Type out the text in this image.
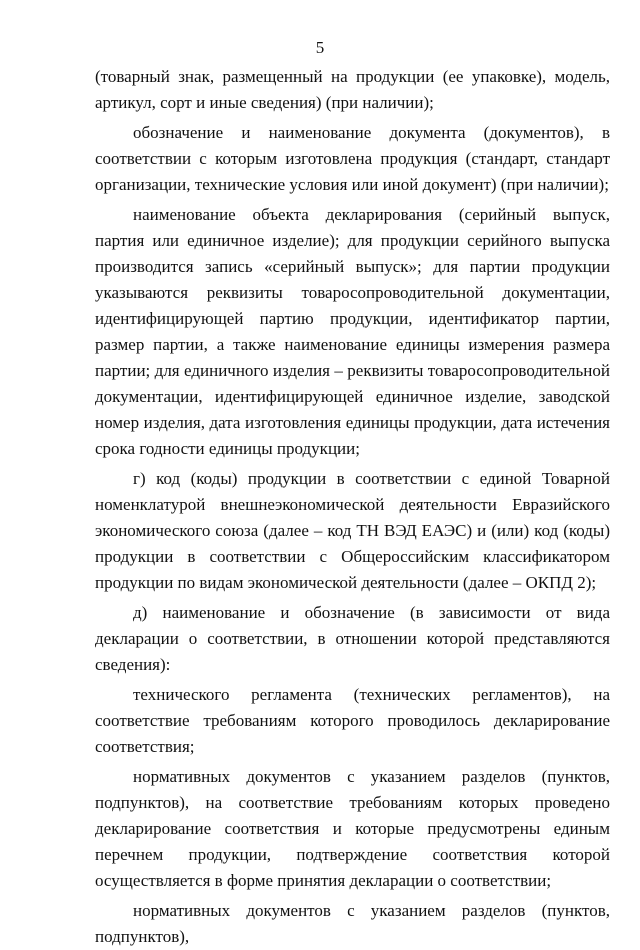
5

(товарный знак, размещенный на продукции (ее упаковке), модель, артикул, сорт и иные сведения) (при наличии);

обозначение и наименование документа (документов), в соответствии с которым изготовлена продукция (стандарт, стандарт организации, технические условия или иной документ) (при наличии);

наименование объекта декларирования (серийный выпуск, партия или единичное изделие); для продукции серийного выпуска производится запись «серийный выпуск»; для партии продукции указываются реквизиты товаросопроводительной документации, идентифицирующей партию продукции, идентификатор партии, размер партии, а также наименование единицы измерения размера партии; для единичного изделия – реквизиты товаросопроводительной документации, идентифицирующей единичное изделие, заводской номер изделия, дата изготовления единицы продукции, дата истечения срока годности единицы продукции;

г) код (коды) продукции в соответствии с единой Товарной номенклатурой внешнеэкономической деятельности Евразийского экономического союза (далее – код ТН ВЭД ЕАЭС) и (или) код (коды) продукции в соответствии с Общероссийским классификатором продукции по видам экономической деятельности (далее – ОКПД 2);

д) наименование и обозначение (в зависимости от вида декларации о соответствии, в отношении которой представляются сведения):

технического регламента (технических регламентов), на соответствие требованиям которого проводилось декларирование соответствия;

нормативных документов с указанием разделов (пунктов, подпунктов), на соответствие требованиям которых проведено декларирование соответствия и которые предусмотрены единым перечнем продукции, подтверждение соответствия которой осуществляется в форме принятия декларации о соответствии;

нормативных документов с указанием разделов (пунктов, подпунктов),
